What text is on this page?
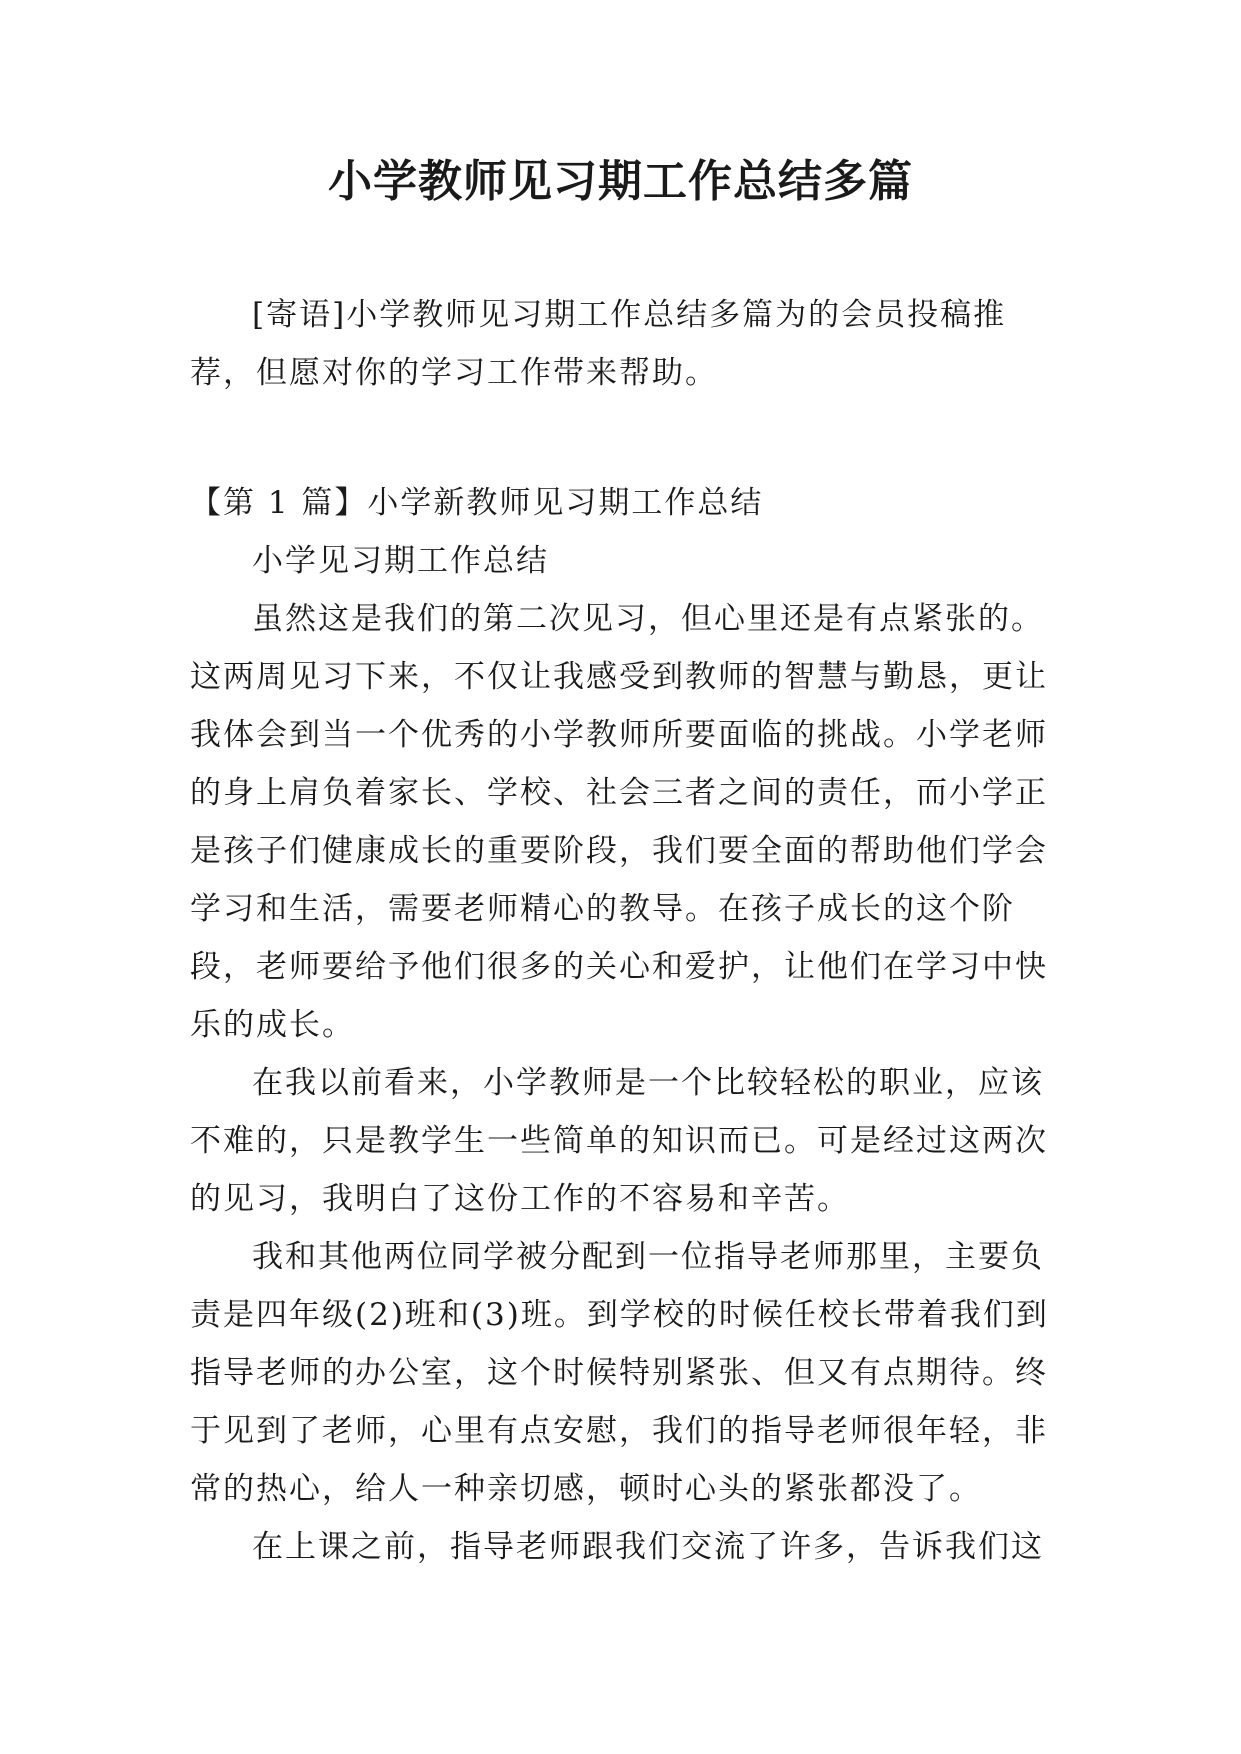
小学教师见习期工作总结多篇

[寄语]小学教师见习期工作总结多篇为的会员投稿推荐，但愿对你的学习工作带来帮助。

【第 1 篇】小学新教师见习期工作总结

小学见习期工作总结

虽然这是我们的第二次见习，但心里还是有点紧张的。这两周见习下来，不仅让我感受到教师的智慧与勤恳，更让我体会到当一个优秀的小学教师所要面临的挑战。小学老师的身上肩负着家长、学校、社会三者之间的责任，而小学正是孩子们健康成长的重要阶段，我们要全面的帮助他们学会学习和生活，需要老师精心的教导。在孩子成长的这个阶段，老师要给予他们很多的关心和爱护，让他们在学习中快乐的成长。

在我以前看来，小学教师是一个比较轻松的职业，应该不难的，只是教学生一些简单的知识而已。可是经过这两次的见习，我明白了这份工作的不容易和辛苦。

我和其他两位同学被分配到一位指导老师那里，主要负责是四年级(2)班和(3)班。到学校的时候任校长带着我们到指导老师的办公室，这个时候特别紧张、但又有点期待。终于见到了老师，心里有点安慰，我们的指导老师很年轻，非常的热心，给人一种亲切感，顿时心头的紧张都没了。

在上课之前，指导老师跟我们交流了许多，告诉我们这
